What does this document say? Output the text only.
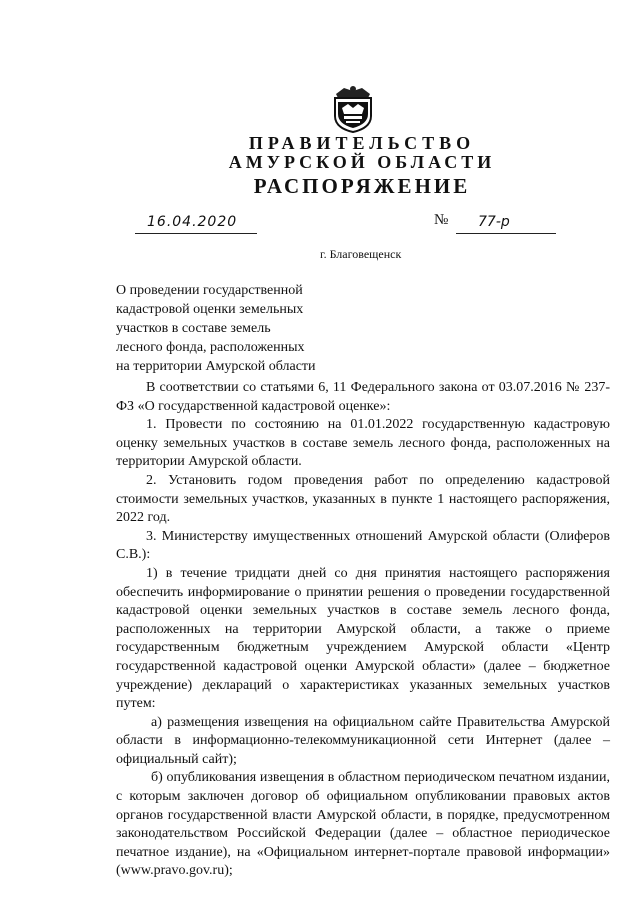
ПРАВИТЕЛЬСТВО
АМУРСКОЙ ОБЛАСТИ
РАСПОРЯЖЕНИЕ
16.04.2020	№	77-р
г. Благовещенск
О проведении государственной
кадастровой оценки земельных
участков в составе земель
лесного фонда, расположенных
на территории Амурской области

В соответствии со статьями 6, 11 Федерального закона от 03.07.2016 № 237-ФЗ «О государственной кадастровой оценке»:

1. Провести по состоянию на 01.01.2022 государственную кадастровую оценку земельных участков в составе земель лесного фонда, расположенных на территории Амурской области.

2. Установить годом проведения работ по определению кадастровой стоимости земельных участков, указанных в пункте 1 настоящего распоряжения, 2022 год.

3. Министерству имущественных отношений Амурской области (Олиферов С.В.):

1) в течение тридцати дней со дня принятия настоящего распоряжения обеспечить информирование о принятии решения о проведении государственной кадастровой оценки земельных участков в составе земель лесного фонда, расположенных на территории Амурской области, а также о приеме государственным бюджетным учреждением Амурской области «Центр государственной кадастровой оценки Амурской области» (далее – бюджетное учреждение) деклараций о характеристиках указанных земельных участков путем:

а) размещения извещения на официальном сайте Правительства Амурской области в информационно-телекоммуникационной сети Интернет (далее – официальный сайт);

б) опубликования извещения в областном периодическом печатном издании, с которым заключен договор об официальном опубликовании правовых актов органов государственной власти Амурской области, в порядке, предусмотренном законодательством Российской Федерации (далее – областное периодическое печатное издание), на «Официальном интернет-портале правовой информации» (www.pravo.gov.ru);
